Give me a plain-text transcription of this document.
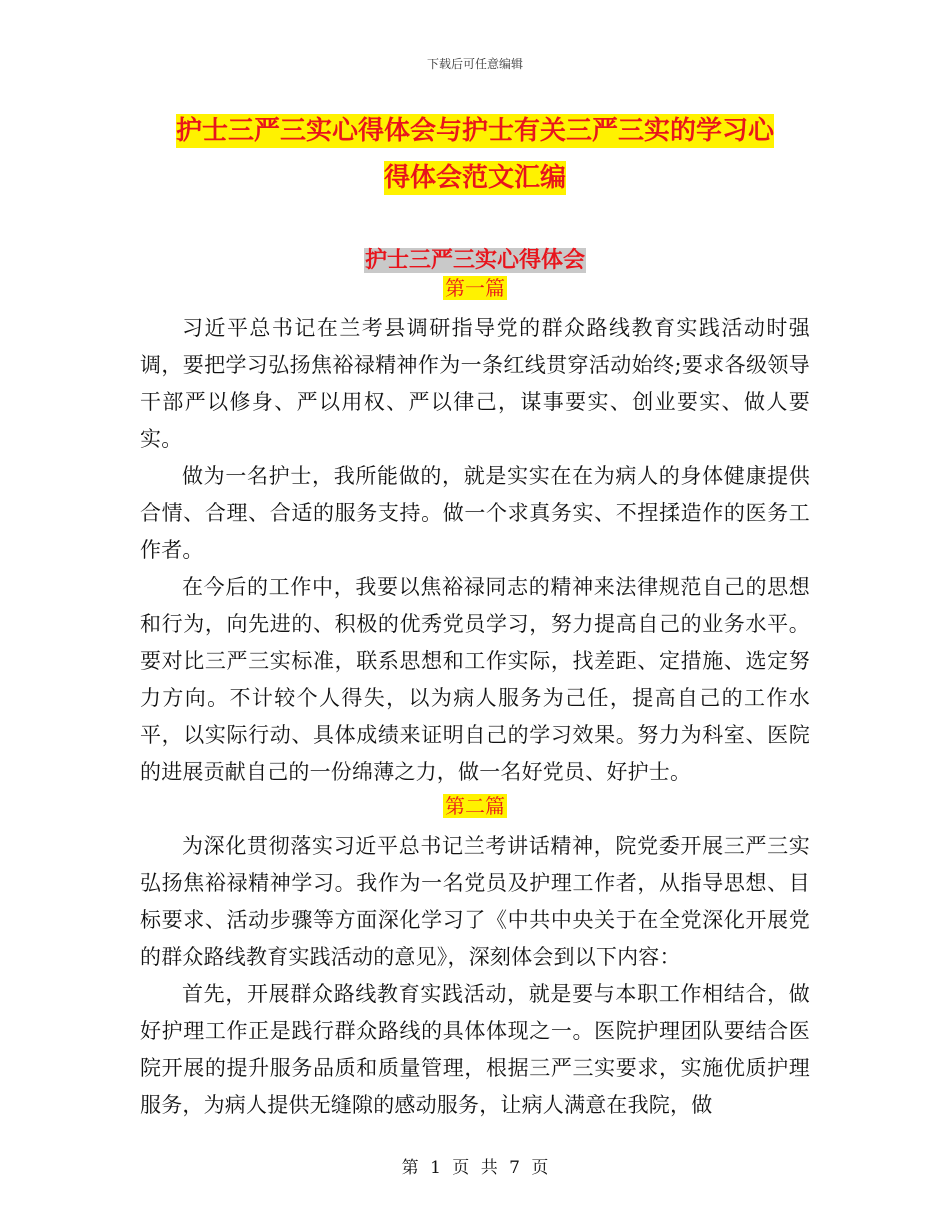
下载后可任意编辑
护士三严三实心得体会与护士有关三严三实的学习心
得体会范文汇编
护士三严三实心得体会
第一篇

习近平总书记在兰考县调研指导党的群众路线教育实践活动时强调，要把学习弘扬焦裕禄精神作为一条红线贯穿活动始终;要求各级领导干部严以修身、严以用权、严以律己，谋事要实、创业要实、做人要实。

做为一名护士，我所能做的，就是实实在在为病人的身体健康提供合情、合理、合适的服务支持。做一个求真务实、不捏揉造作的医务工作者。

在今后的工作中，我要以焦裕禄同志的精神来法律规范自己的思想和行为，向先进的、积极的优秀党员学习，努力提高自己的业务水平。要对比三严三实标准，联系思想和工作实际，找差距、定措施、选定努力方向。不计较个人得失，以为病人服务为己任，提高自己的工作水平，以实际行动、具体成绩来证明自己的学习效果。努力为科室、医院的进展贡献自己的一份绵薄之力，做一名好党员、好护士。

第二篇

为深化贯彻落实习近平总书记兰考讲话精神，院党委开展三严三实弘扬焦裕禄精神学习。我作为一名党员及护理工作者，从指导思想、目标要求、活动步骤等方面深化学习了《中共中央关于在全党深化开展党的群众路线教育实践活动的意见》，深刻体会到以下内容：

首先，开展群众路线教育实践活动，就是要与本职工作相结合，做好护理工作正是践行群众路线的具体体现之一。医院护理团队要结合医院开展的提升服务品质和质量管理，根据三严三实要求，实施优质护理服务，为病人提供无缝隙的感动服务，让病人满意在我院，做

第 1 页 共 7 页
